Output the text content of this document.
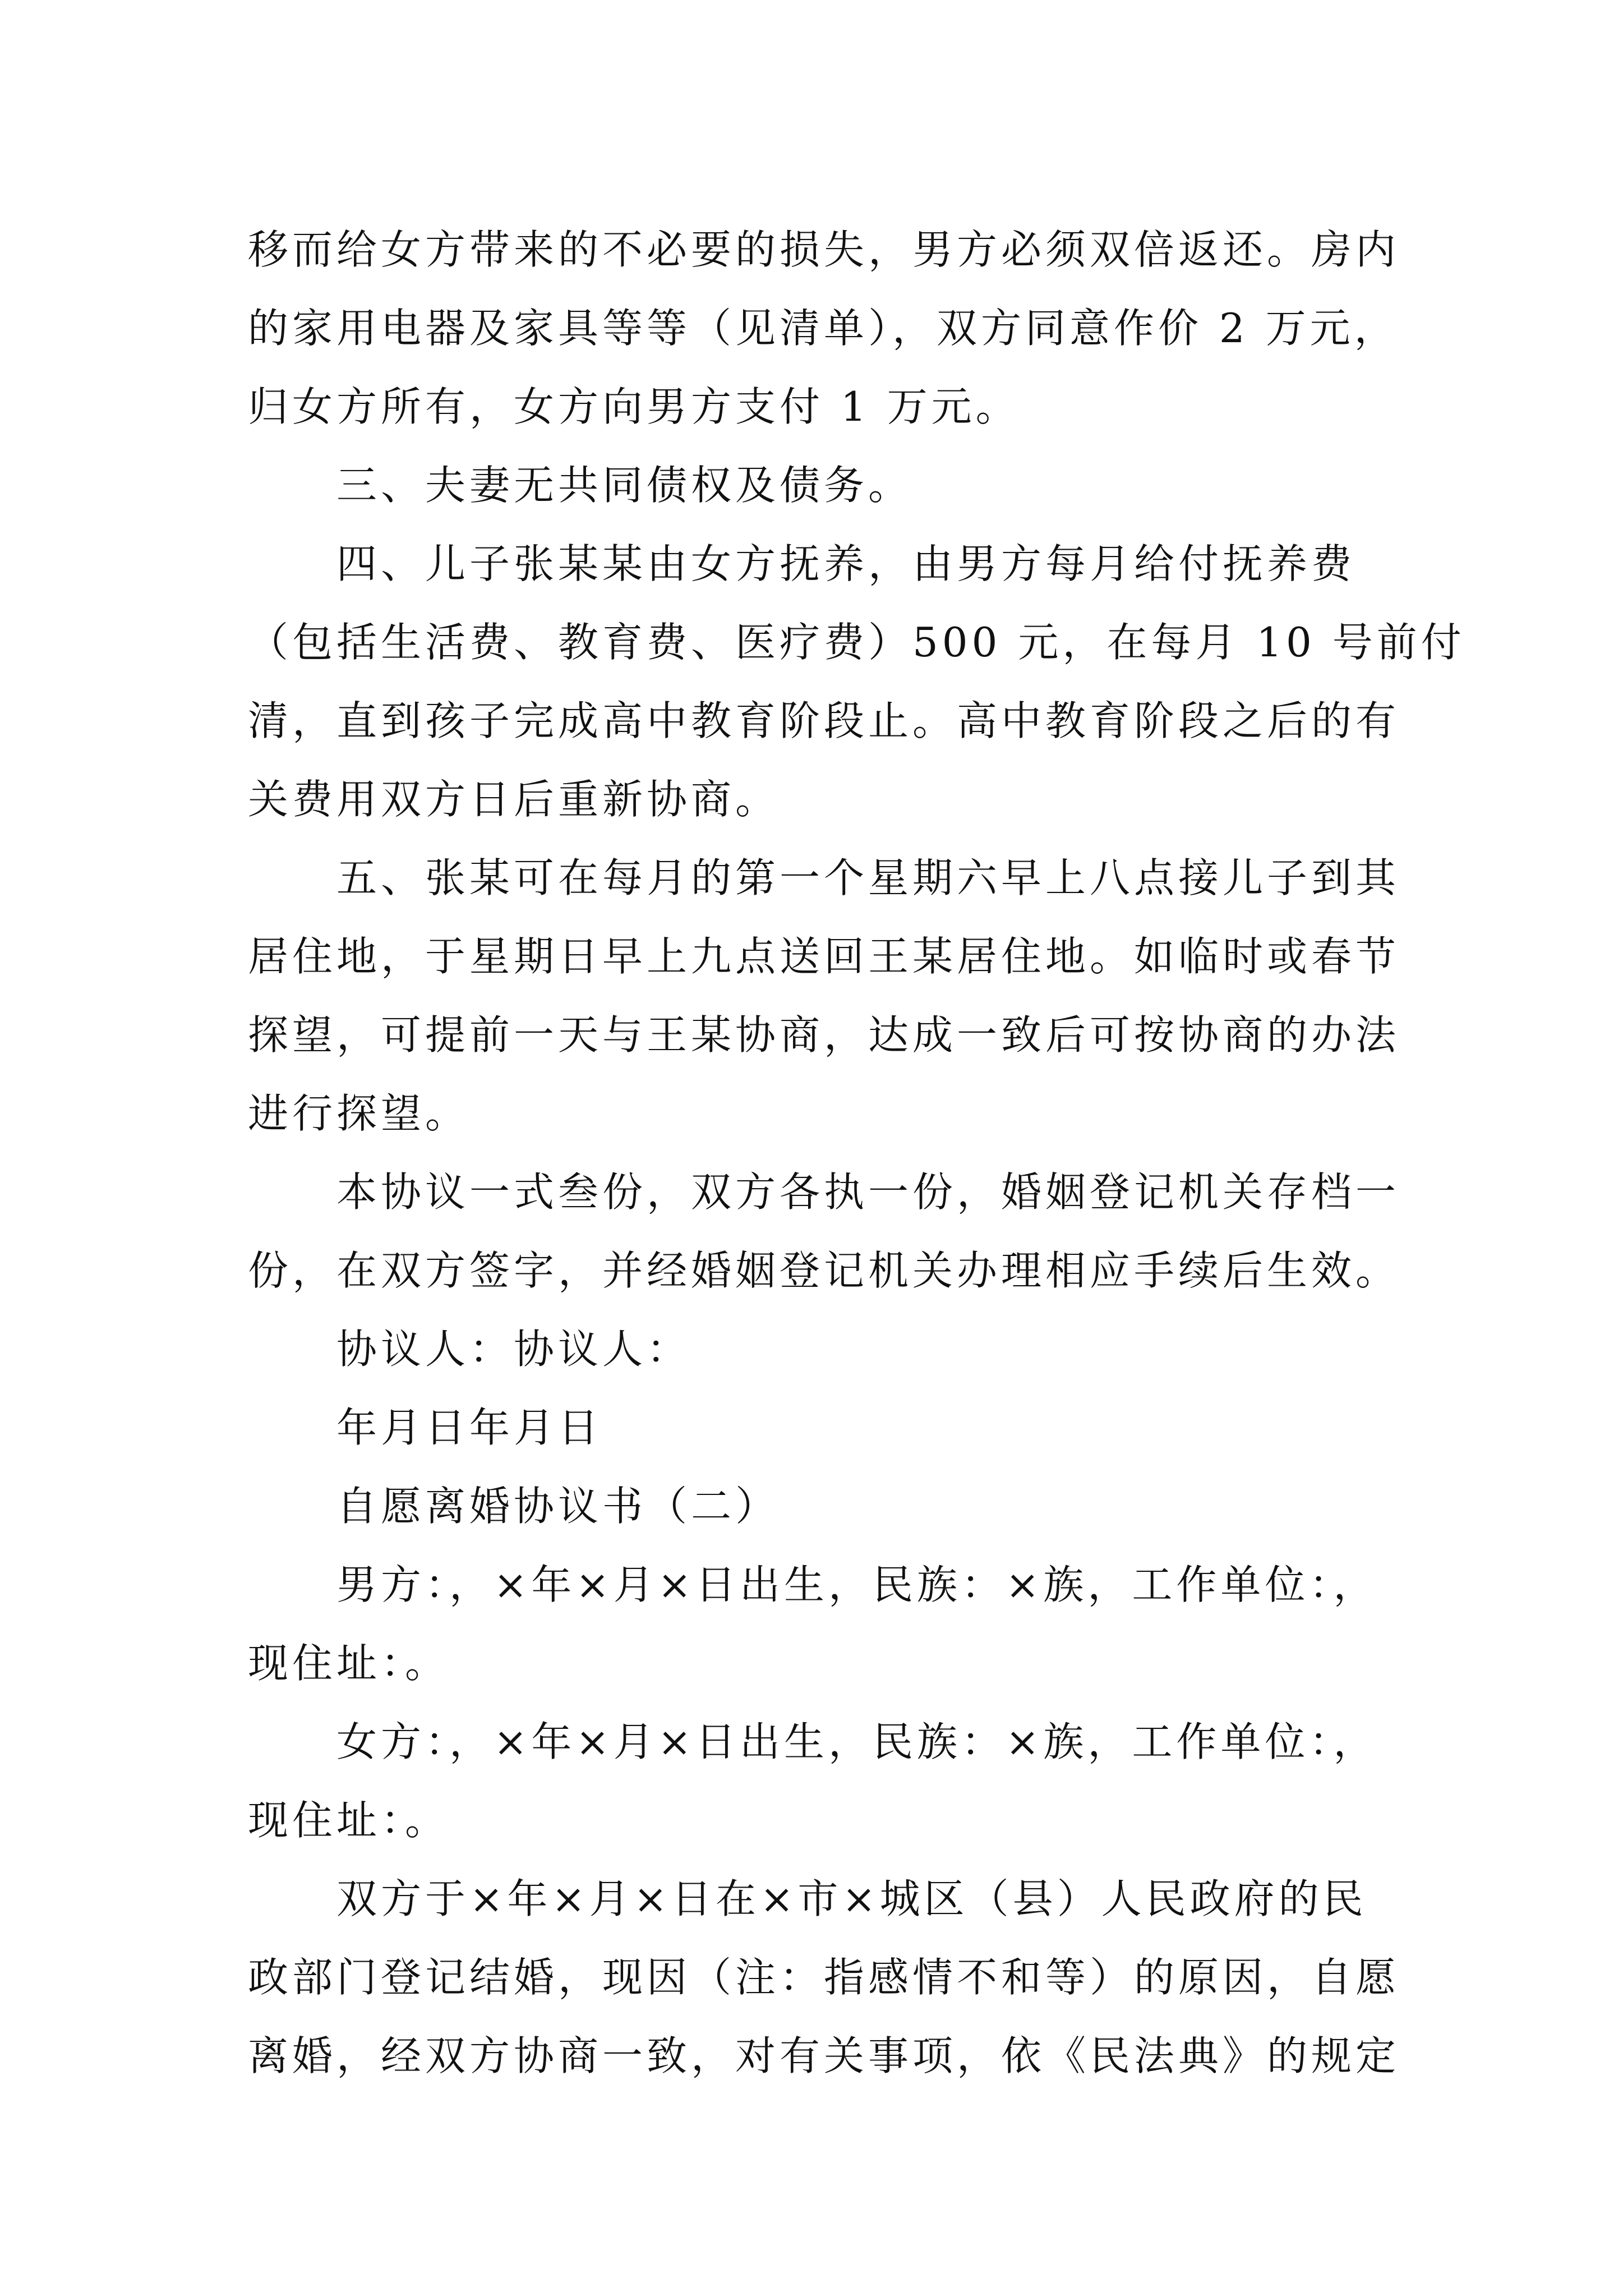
移而给女方带来的不必要的损失，男方必须双倍返还。房内

的家用电器及家具等等（见清单），双方同意作价 2 万元，

归女方所有，女方向男方支付 1 万元。

三、夫妻无共同债权及债务。

四、儿子张某某由女方抚养，由男方每月给付抚养费

（包括生活费、教育费、医疗费）500 元，在每月 10 号前付

清，直到孩子完成高中教育阶段止。高中教育阶段之后的有

关费用双方日后重新协商。

五、张某可在每月的第一个星期六早上八点接儿子到其

居住地，于星期日早上九点送回王某居住地。如临时或春节

探望，可提前一天与王某协商，达成一致后可按协商的办法

进行探望。

本协议一式叁份，双方各执一份，婚姻登记机关存档一

份，在双方签字，并经婚姻登记机关办理相应手续后生效。

协议人：协议人：

年月日年月日

自愿离婚协议书（二）

男方：，×年×月×日出生，民族：×族，工作单位：，

现住址：。

女方：，×年×月×日出生，民族：×族，工作单位：，

现住址：。

双方于×年×月×日在×市×城区（县）人民政府的民

政部门登记结婚，现因（注：指感情不和等）的原因，自愿

离婚，经双方协商一致，对有关事项，依《民法典》的规定
